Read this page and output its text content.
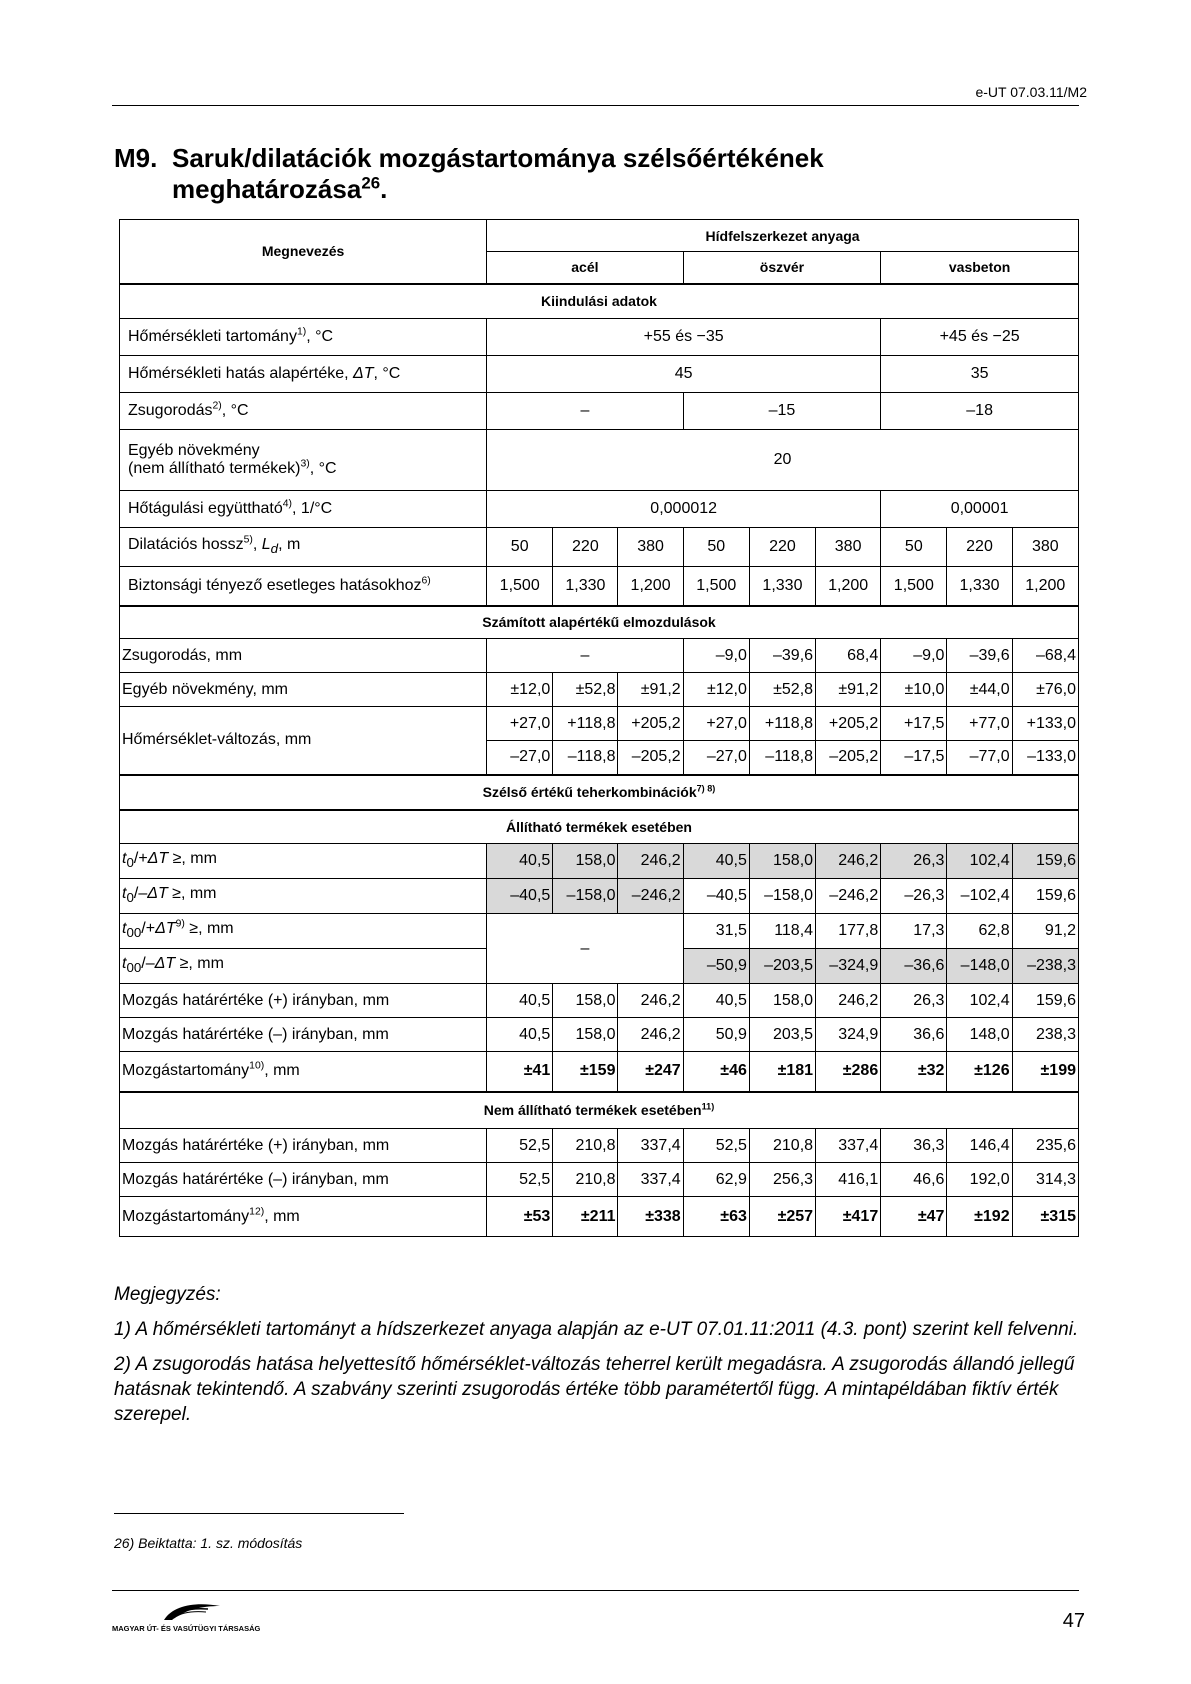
e-UT 07.03.11/M2
M9. Saruk/dilatációk mozgástartománya szélsőértékének
meghatározása$^{26}$.
Megnevezés	Hídfelszerkezet anyaga								
	acél			öszvér			vasbeton		
Kiindulási adatok									
Hőmérsékleti tartomány$^{1)}$, °C	+55 és −35						+45 és −25		
Hőmérsékleti hatás alapértéke, ΔT, °C	45						35		
Zsugorodás$^{2)}$, °C	–			–15			–18		

Egyéb növekmény
(nem állítható termékek)$^{3)}$, °C	20								
Hőtágulási együttható$^{4)}$, 1/°C	0,000012						0,00001		
Dilatációs hossz$^{5)}$, $L_d$, m	50	220	380	50	220	380	50	220	380
Biztonsági tényező esetleges hatásokhoz$^{6)}$	1,500	1,330	1,200	1,500	1,330	1,200	1,500	1,330	1,200
Számított alapértékű elmozdulások									
Zsugorodás, mm	–			–9,0	–39,6	68,4	–9,0	–39,6	–68,4
Egyéb növekmény, mm	±12,0	±52,8	±91,2	±12,0	±52,8	±91,2	±10,0	±44,0	±76,0
Hőmérséklet-változás, mm	+27,0	+118,8	+205,2	+27,0	+118,8	+205,2	+17,5	+77,0	+133,0
	–27,0	–118,8	–205,2	–27,0	–118,8	–205,2	–17,5	–77,0	–133,0
Szélső értékű teherkombinációk$^{7) 8)}$
Állítható termékek esetében									
$t_0/+\Delta T$ ≥, mm	40,5	158,0	246,2	40,5	158,0	246,2	26,3	102,4	159,6
$t_0/-\Delta T$ ≥, mm	–40,5	–158,0	–246,2	–40,5	–158,0	–246,2	–26,3	–102,4	159,6
$t_{00}/+\Delta T^{9)}$ ≥, mm	–			31,5	118,4	177,8	17,3	62,8	91,2
$t_{00}/-\Delta T$ ≥, mm				–50,9	–203,5	–324,9	–36,6	–148,0	–238,3
Mozgás határértéke (+) irányban, mm	40,5	158,0	246,2	40,5	158,0	246,2	26,3	102,4	159,6
Mozgás határértéke (–) irányban, mm	40,5	158,0	246,2	50,9	203,5	324,9	36,6	148,0	238,3
Mozgástartomány$^{10)}$, mm	±41	±159	±247	±46	±181	±286	±32	±126	±199
Nem állítható termékek esetében$^{11)}$
Mozgás határértéke (+) irányban, mm	52,5	210,8	337,4	52,5	210,8	337,4	36,3	146,4	235,6
Mozgás határértéke (–) irányban, mm	52,5	210,8	337,4	62,9	256,3	416,1	46,6	192,0	314,3
Mozgástartomány$^{12)}$, mm	±53	±211	±338	±63	±257	±417	±47	±192	±315

Megjegyzés:

1) A hőmérsékleti tartományt a hídszerkezet anyaga alapján az e-UT 07.01.11:2011 (4.3. pont) szerint kell felvenni.

2) A zsugorodás hatása helyettesítő hőmérséklet-változás teherrel került megadásra. A zsugorodás állandó jellegű hatásnak tekintendő. A szabvány szerinti zsugorodás értéke több paramétertől függ. A mintapéldában fiktív érték szerepel.

26) Beiktatta: 1. sz. módosítás
MAGYAR ÚT- ÉS VASÚTÜGYI TÁRSASÁG	47
